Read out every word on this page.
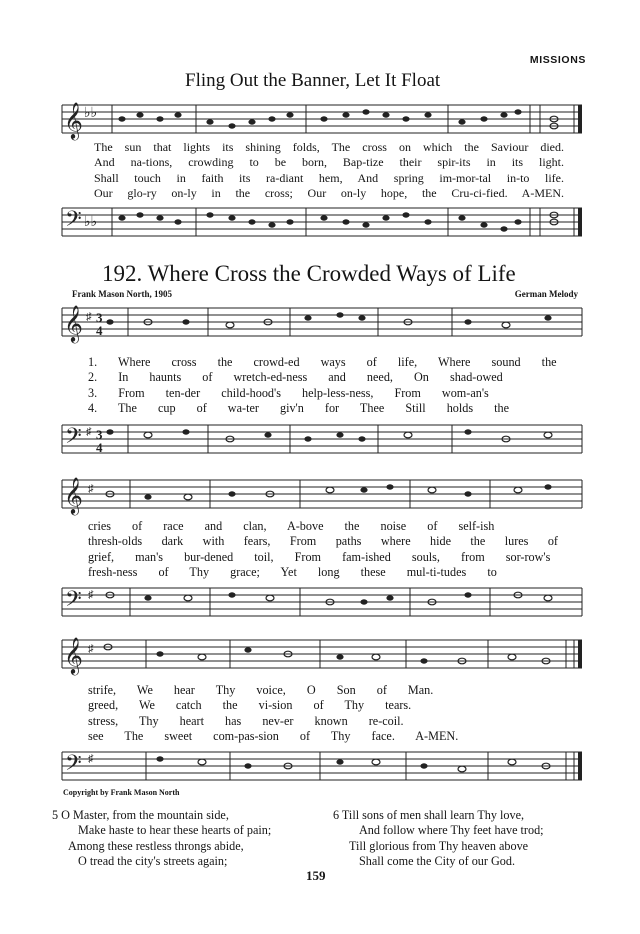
MISSIONS
Fling Out the Banner, Let It Float
𝄞 ♭♭
The sun that lights its shining folds, The cross on which the Saviour died.
And na-tions, crowding to be born, Bap-tize their spir-its in its light.
Shall touch in faith its ra-diant hem, And spring im-mor-tal in-to life.
Our glo-ry on-ly in the cross; Our on-ly hope, the Cru-ci-fied. A-MEN.
𝄢 ♭♭
192. Where Cross the Crowded Ways of Life
Frank Mason North, 1905	German Melody
𝄞 ♯ 3
4
1. Where cross the crowd-ed ways of life, Where sound the
2. In haunts of wretch-ed-ness and need, On shad-owed
3. From ten-der child-hood's help-less-ness, From wom-an's
4. The cup of wa-ter giv'n for Thee Still holds the
𝄢 ♯ 3
4
𝄞 ♯
cries of race and clan, A-bove the noise of self-ish
thresh-olds dark with fears, From paths where hide the lures of
grief, man's bur-dened toil, From fam-ished souls, from sor-row's
fresh-ness of Thy grace; Yet long these mul-ti-tudes to
𝄢 ♯
𝄞 ♯
strife, We hear Thy voice, O Son of Man.
greed, We catch the vi-sion of Thy tears.
stress, Thy heart has nev-er known re-coil.
see The sweet com-pas-sion of Thy face. A-MEN.
𝄢 ♯
Copyright by Frank Mason North
5 O Master, from the mountain side,
Make haste to hear these hearts of pain;
Among these restless throngs abide,
O tread the city's streets again;
6 Till sons of men shall learn Thy love,
And follow where Thy feet have trod;
Till glorious from Thy heaven above
Shall come the City of our God.
159
